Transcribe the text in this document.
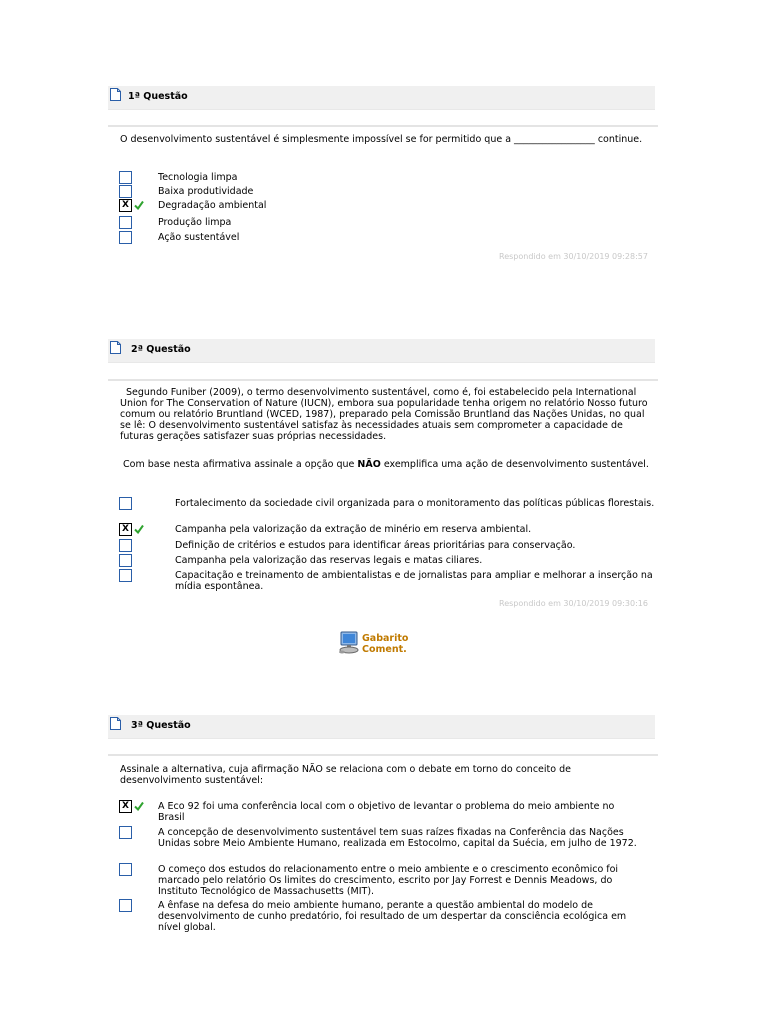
1ª Questão
O desenvolvimento sustentável é simplesmente impossível se for permitido que a _________________ continue.
Tecnologia limpa
Baixa produtividade
X	Degradação ambiental
Produção limpa
Ação sustentável
Respondido em 30/10/2019 09:28:57
2ª Questão
Segundo Funiber (2009), o termo desenvolvimento sustentável, como é, foi estabelecido pela International Union for The Conservation of Nature (IUCN), embora sua popularidade tenha origem no relatório Nosso futuro comum ou relatório Bruntland (WCED, 1987), preparado pela Comissão Bruntland das Nações Unidas, no qual se lê: O desenvolvimento sustentável satisfaz às necessidades atuais sem comprometer a capacidade de futuras gerações satisfazer suas próprias necessidades.
Com base nesta afirmativa assinale a opção que NÃO exemplifica uma ação de desenvolvimento sustentável.
Fortalecimento da sociedade civil organizada para o monitoramento das políticas públicas florestais.
X	Campanha pela valorização da extração de minério em reserva ambiental.
Definição de critérios e estudos para identificar áreas prioritárias para conservação.
Campanha pela valorização das reservas legais e matas ciliares.
Capacitação e treinamento de ambientalistas e de jornalistas para ampliar e melhorar a inserção na mídia espontânea.
Respondido em 30/10/2019 09:30:16
Gabarito
Coment.
3ª Questão
Assinale a alternativa, cuja afirmação NÃO se relaciona com o debate em torno do conceito de desenvolvimento sustentável:
X	A Eco 92 foi uma conferência local com o objetivo de levantar o problema do meio ambiente no Brasil
A concepção de desenvolvimento sustentável tem suas raízes fixadas na Conferência das Nações Unidas sobre Meio Ambiente Humano, realizada em Estocolmo, capital da Suécia, em julho de 1972.
O começo dos estudos do relacionamento entre o meio ambiente e o crescimento econômico foi marcado pelo relatório Os limites do crescimento, escrito por Jay Forrest e Dennis Meadows, do Instituto Tecnológico de Massachusetts (MIT).
A ênfase na defesa do meio ambiente humano, perante a questão ambiental do modelo de desenvolvimento de cunho predatório, foi resultado de um despertar da consciência ecológica em nível global.
